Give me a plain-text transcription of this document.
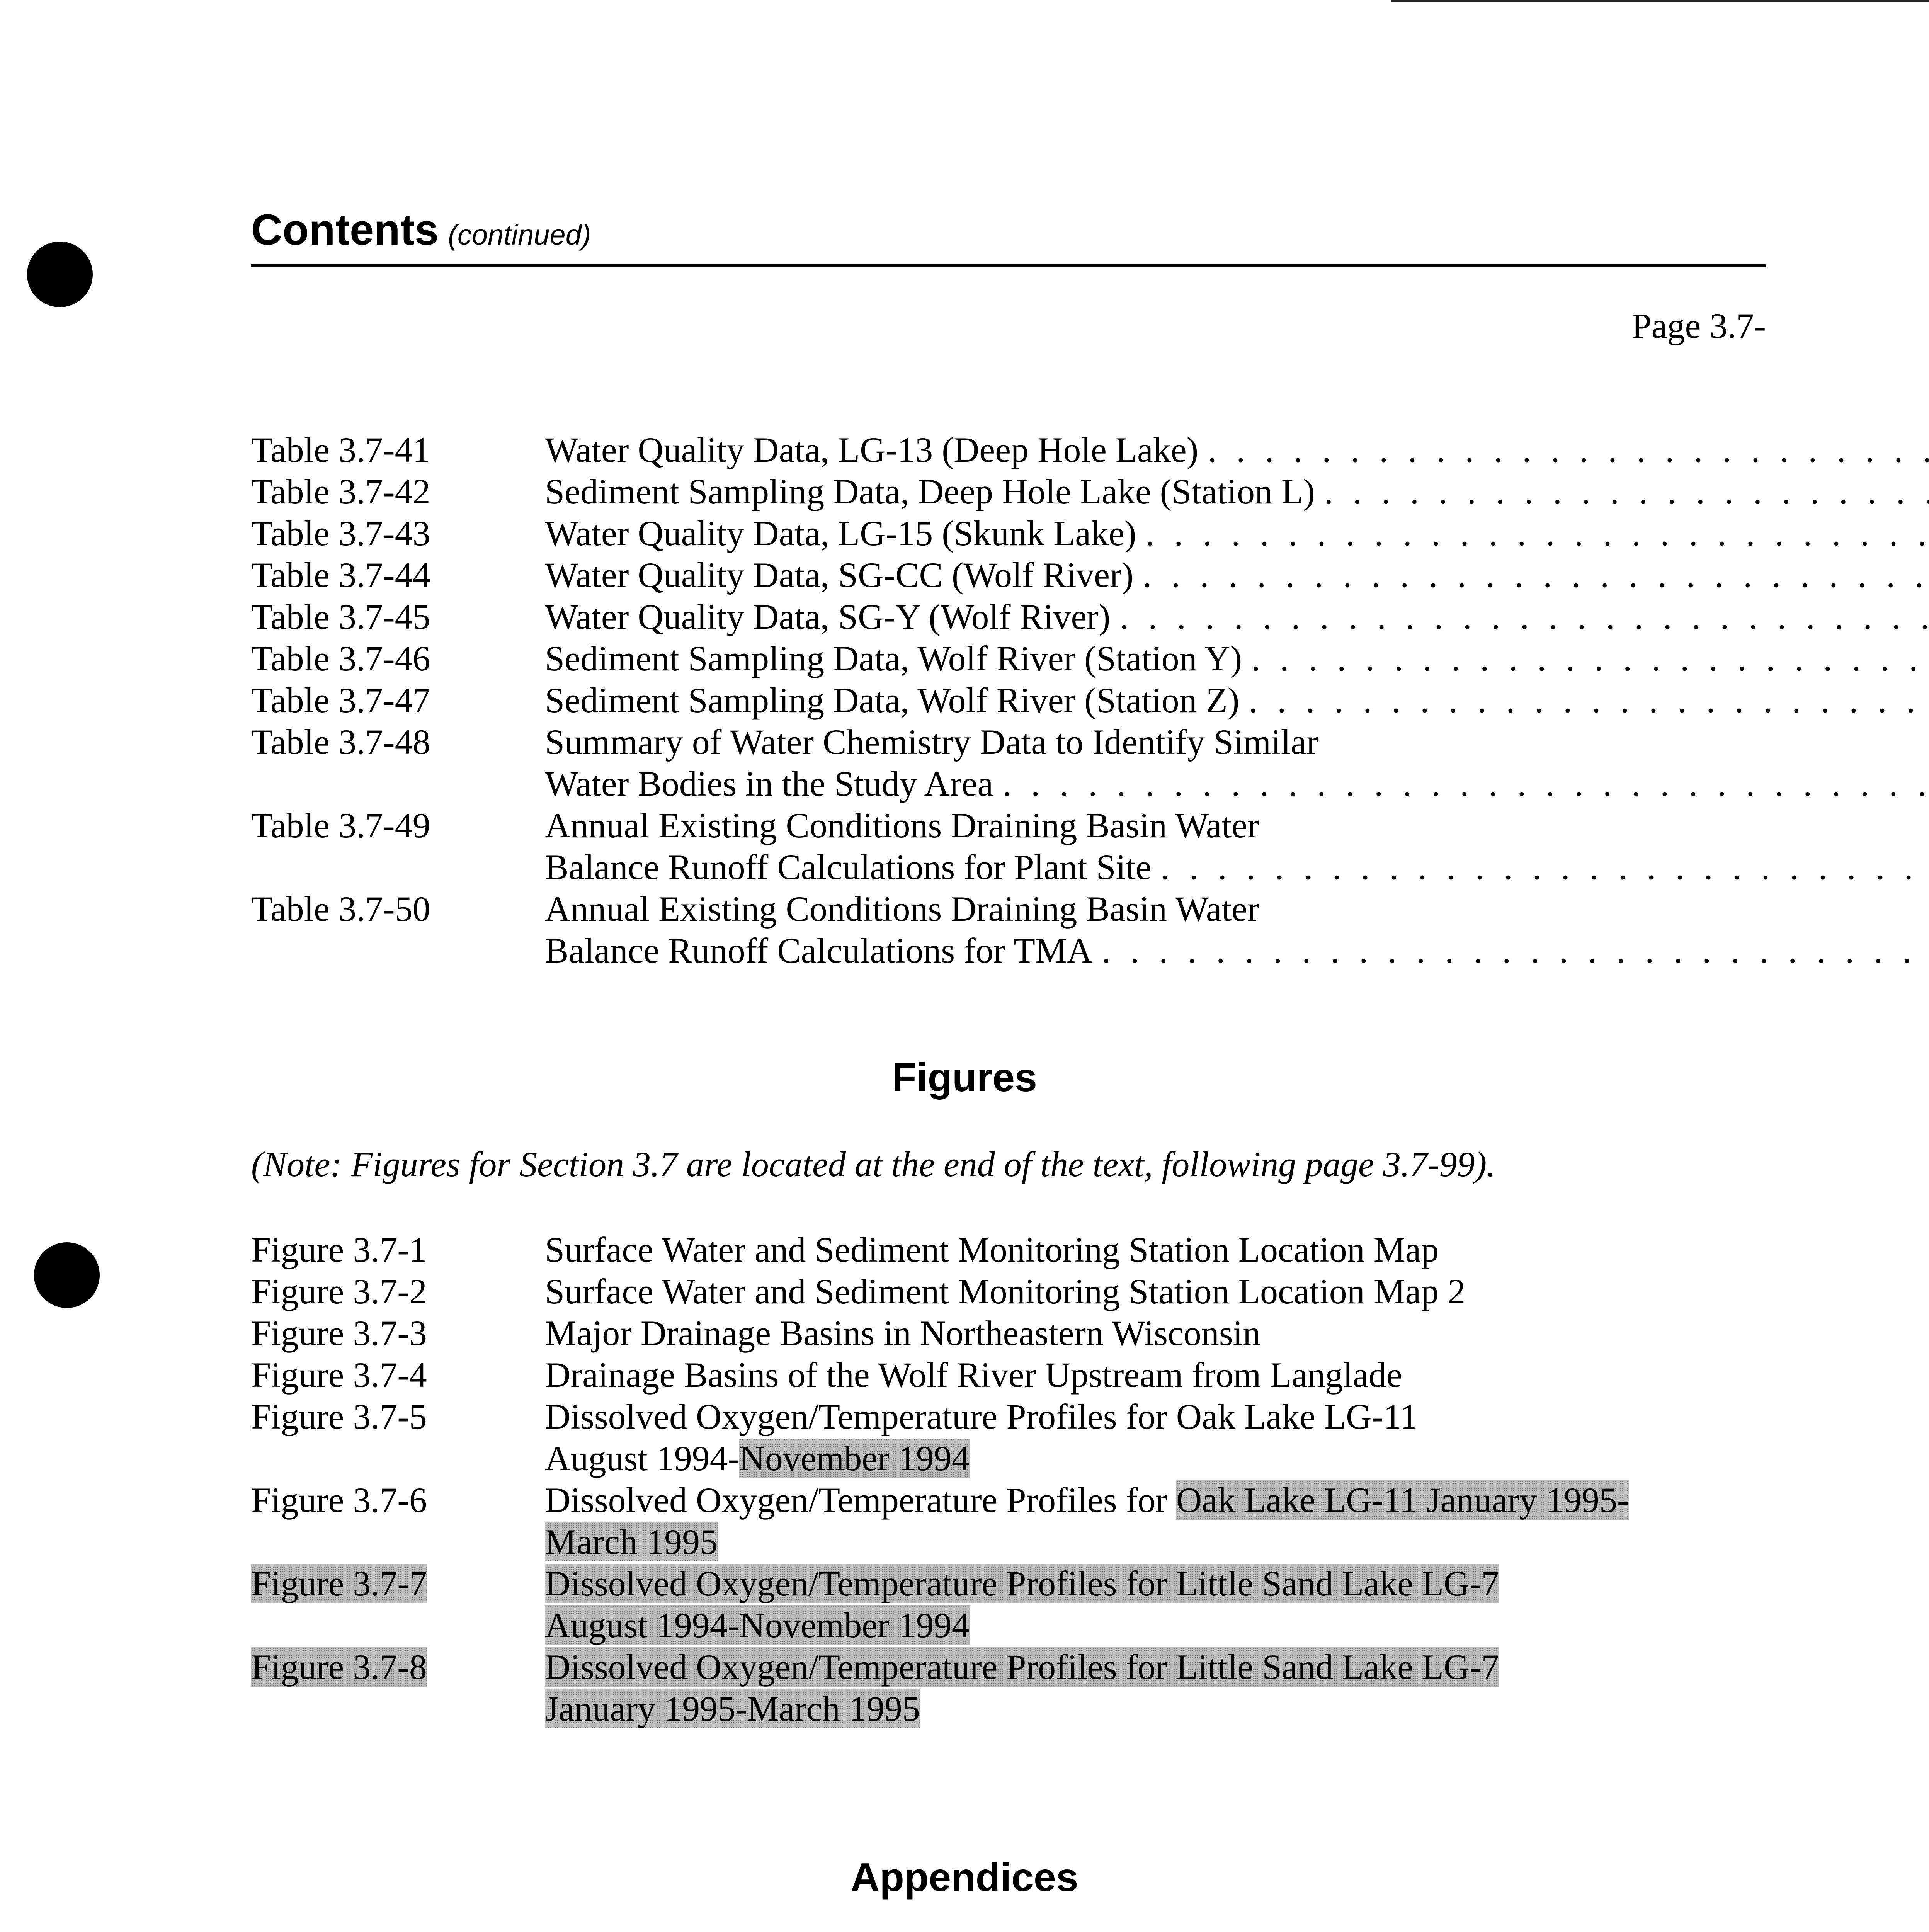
Contents (continued)
Page 3.7-
Table 3.7-41	Water Quality Data, LG-13 (Deep Hole Lake)
. . .
Table 3.7-42	Sediment Sampling Data, Deep Hole Lake (Station L)
. . .
Table 3.7-43	Water Quality Data, LG-15 (Skunk Lake)
. . .
Table 3.7-44	Water Quality Data, SG-CC (Wolf River)
. . .
Table 3.7-45	Water Quality Data, SG-Y (Wolf River)
. . .
Table 3.7-46	Sediment Sampling Data, Wolf River (Station Y)
. . .
Table 3.7-47	Sediment Sampling Data, Wolf River (Station Z)
. . .
Table 3.7-48	Summary of Water Chemistry Data to Identify Similar
Water Bodies in the Study Area
. . .
Table 3.7-49	Annual Existing Conditions Draining Basin Water
Balance Runoff Calculations for Plant Site
. . .
Table 3.7-50	Annual Existing Conditions Draining Basin Water
Balance Runoff Calculations for TMA
. . .
Figures
(Note: Figures for Section 3.7 are located at the end of the text, following page 3.7-99).
Figure 3.7-1	Surface Water and Sediment Monitoring Station Location Map
Figure 3.7-2	Surface Water and Sediment Monitoring Station Location Map 2
Figure 3.7-3	Major Drainage Basins in Northeastern Wisconsin
Figure 3.7-4	Drainage Basins of the Wolf River Upstream from Langlade
Figure 3.7-5	Dissolved Oxygen/Temperature Profiles for Oak Lake LG-11
August 1994-November 1994
Figure 3.7-6	Dissolved Oxygen/Temperature Profiles for Oak Lake LG-11 January 1995-
March 1995
Figure 3.7-7	Dissolved Oxygen/Temperature Profiles for Little Sand Lake LG-7
August 1994-November 1994
Figure 3.7-8	Dissolved Oxygen/Temperature Profiles for Little Sand Lake LG-7
January 1995-March 1995
Appendices
